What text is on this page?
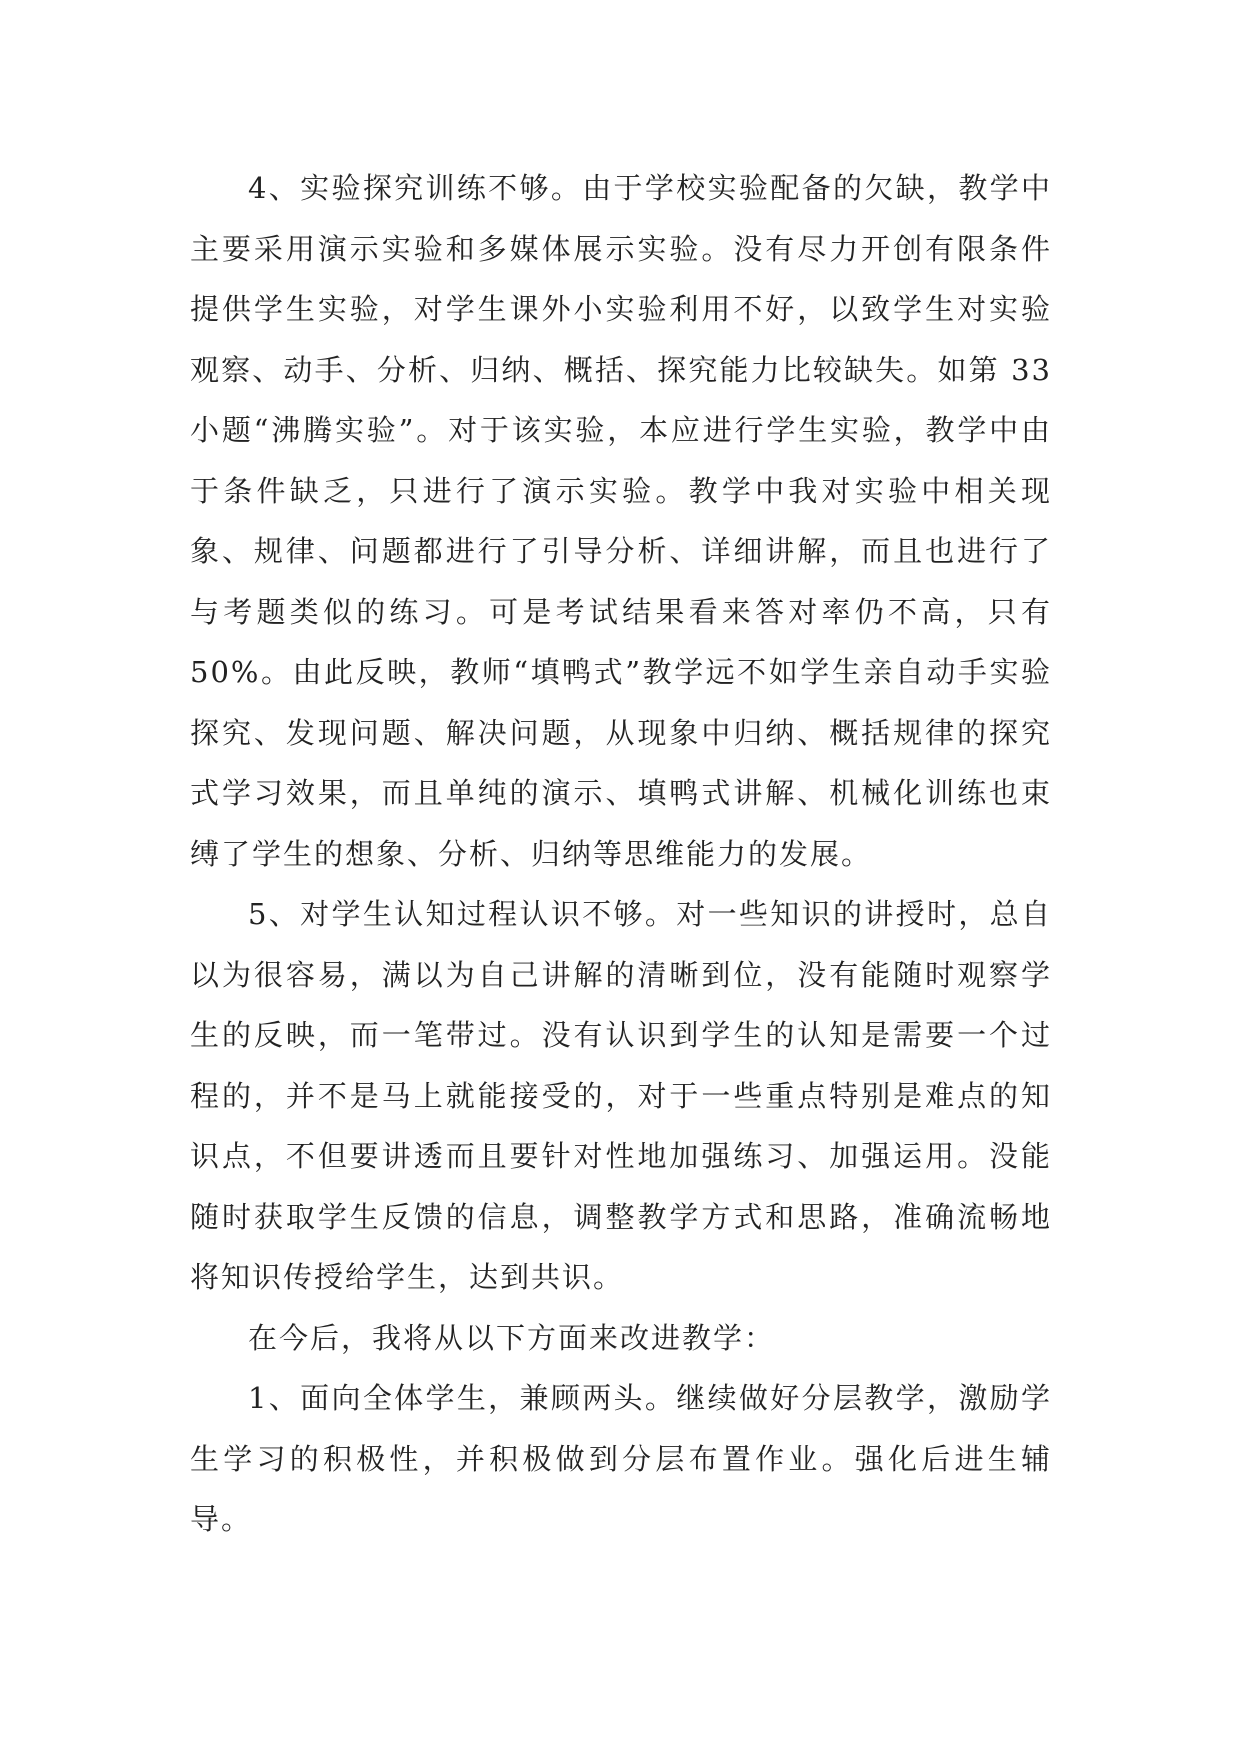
4、实验探究训练不够。由于学校实验配备的欠缺，教学中主要采用演示实验和多媒体展示实验。没有尽力开创有限条件提供学生实验，对学生课外小实验利用不好，以致学生对实验观察、动手、分析、归纳、概括、探究能力比较缺失。如第 33 小题“沸腾实验”。对于该实验，本应进行学生实验，教学中由于条件缺乏，只进行了演示实验。教学中我对实验中相关现象、规律、问题都进行了引导分析、详细讲解，而且也进行了与考题类似的练习。可是考试结果看来答对率仍不高，只有 50%。由此反映，教师“填鸭式”教学远不如学生亲自动手实验探究、发现问题、解决问题，从现象中归纳、概括规律的探究式学习效果，而且单纯的演示、填鸭式讲解、机械化训练也束缚了学生的想象、分析、归纳等思维能力的发展。

5、对学生认知过程认识不够。对一些知识的讲授时，总自以为很容易，满以为自己讲解的清晰到位，没有能随时观察学生的反映，而一笔带过。没有认识到学生的认知是需要一个过程的，并不是马上就能接受的，对于一些重点特别是难点的知识点，不但要讲透而且要针对性地加强练习、加强运用。没能随时获取学生反馈的信息，调整教学方式和思路，准确流畅地将知识传授给学生，达到共识。

在今后，我将从以下方面来改进教学：

1、面向全体学生，兼顾两头。继续做好分层教学，激励学生学习的积极性，并积极做到分层布置作业。强化后进生辅导。
